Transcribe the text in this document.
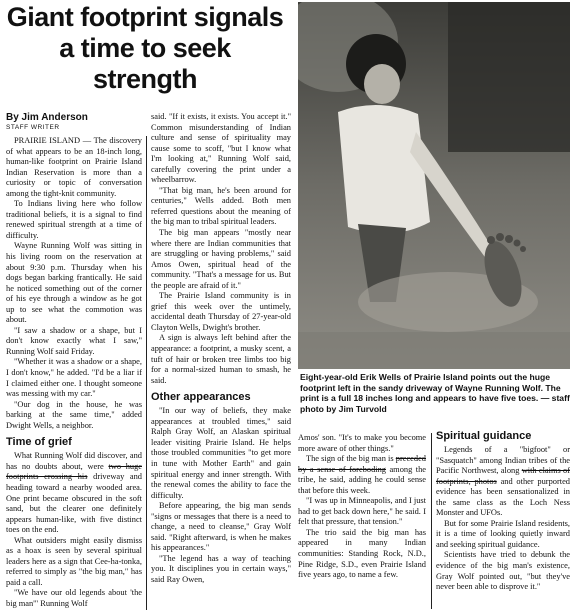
Giant footprint signals a time to seek strength
By Jim Anderson
STAFF WRITER

PRAIRIE ISLAND — The discovery of what appears to be an 18-inch long, human-like footprint on Prairie Island Indian Reservation is more than a curiosity or topic of conversation among the tight-knit community.

To Indians living here who follow traditional beliefs, it is a signal to find renewed spiritual strength at a time of difficulty.

Wayne Running Wolf was sitting in his living room on the reservation at about 9:30 p.m. Thursday when his dogs began barking frantically. He said he noticed something out of the corner of his eye through a window as he got up to see what the commotion was about.

"I saw a shadow or a shape, but I don't know exactly what I saw," Running Wolf said Friday.

"Whether it was a shadow or a shape, I don't know," he added. "I'd be a liar if I claimed either one. I thought someone was messing with my car."

"Our dog in the house, he was barking at the same time," added Dwight Wells, a neighbor.

Time of grief

What Running Wolf did discover, and has no doubts about, were two huge footprints crossing his driveway and heading toward a nearby wooded area. One print became obscured in the soft sand, but the clearer one definitely appears human-like, with five distinct toes on the end.

What outsiders might easily dismiss as a hoax is seen by several spiritual leaders here as a sign that Cee-ha-tonka, referred to simply as "the big man," has paid a call.

"We have our old legends about 'the big man'" Running Wolf

said. "If it exists, it exists. You accept it." Common misunderstanding of Indian culture and sense of spirituality may cause some to scoff, "but I know what I'm looking at," Running Wolf said, carefully covering the print under a wheelbarrow.

"That big man, he's been around for centuries," Wells added. Both men referred questions about the meaning of the big man to tribal spiritual leaders.

The big man appears "mostly near where there are Indian communities that are struggling or having problems," said Amos Owen, spiritual head of the community. "That's a message for us. But the people are afraid of it."

The Prairie Island community is in grief this week over the untimely, accidental death Thursday of 27-year-old Clayton Wells, Dwight's brother.

A sign is always left behind after the appearance: a footprint, a musky scent, a tuft of hair or broken tree limbs too big for a normal-sized human to smash, he said.

Other appearances

"In our way of beliefs, they make appearances at troubled times," said Ralph Gray Wolf, an Alaskan spiritual leader visiting Prairie Island. He helps those troubled communities "to get more in tune with Mother Earth" and gain spiritual energy and inner strength. With the renewal comes the ability to face the difficulty.

Before appearing, the big man sends "signs or messages that there is a need to change, a need to cleanse," Gray Wolf said. "Right afterward, is when he makes his appearances."

"The legend has a way of teaching you. It disciplines you in certain ways," said Ray Owen,

Eight-year-old Erik Wells of Prairie Island points out the huge footprint left in the sandy driveway of Wayne Running Wolf. The print is a full 18 inches long and appears to have five toes. — staff photo by Jim Turvold

Amos' son. "It's to make you become more aware of other things."

The sign of the big man is preceded by a sense of foreboding among the tribe, he said, adding he could sense that before this week.

"I was up in Minneapolis, and I just had to get back down here," he said. I felt that pressure, that tension."

The trio said the big man has appeared in many Indian communities: Standing Rock, N.D., Pine Ridge, S.D., even Prairie Island five years ago, to name a few.

Spiritual guidance

Legends of a "bigfoot" or "Sasquatch" among Indian tribes of the Pacific Northwest, along with claims of footprints, photos and other purported evidence has been sensationalized in the same class as the Loch Ness Monster and UFOs.

But for some Prairie Island residents, it is a time of looking quietly inward and seeking spiritual guidance.

Scientists have tried to debunk the evidence of the big man's existence, Gray Wolf pointed out, "but they've never been able to disprove it."
